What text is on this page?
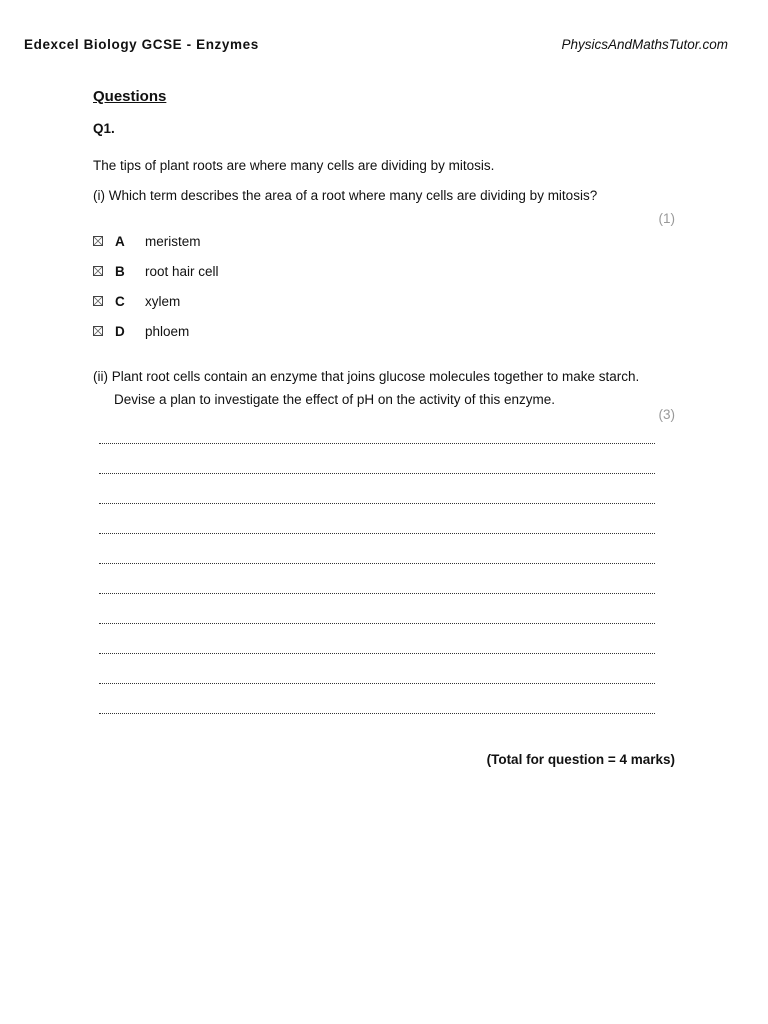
Edexcel Biology GCSE - Enzymes	PhysicsAndMathsTutor.com
Questions
Q1.
The tips of plant roots are where many cells are dividing by mitosis.
(i) Which term describes the area of a root where many cells are dividing by mitosis?
(1)
A	meristem
B	root hair cell
C	xylem
D	phloem
(ii) Plant root cells contain an enzyme that joins glucose molecules together to make starch.
Devise a plan to investigate the effect of pH on the activity of this enzyme.
(3)
(Total for question = 4 marks)
